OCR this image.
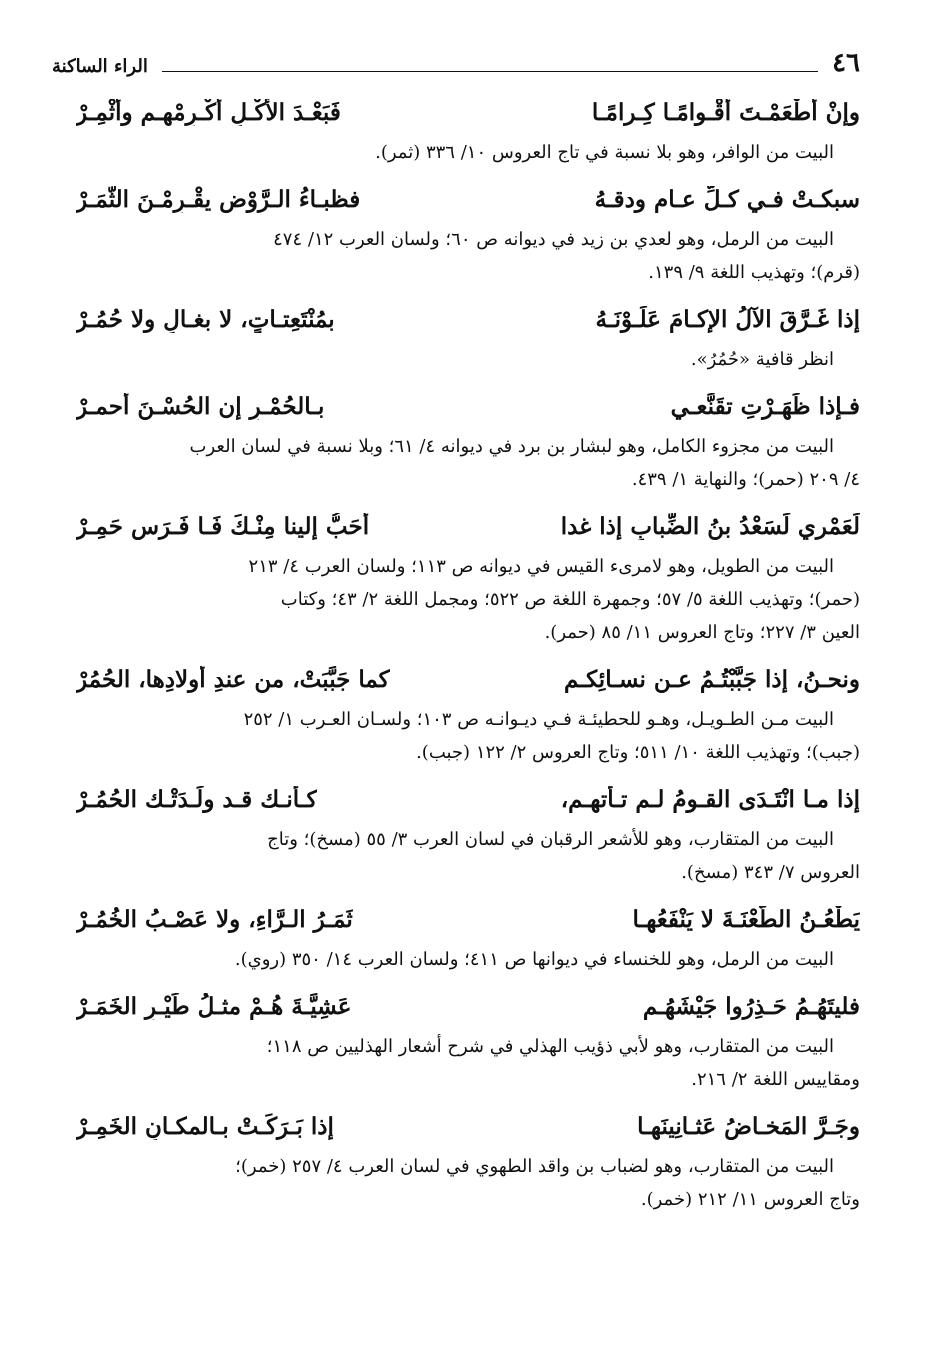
٤٦
الراء الساكنة
وإنْ أَطْعَمْـتَ أقْـوامًـا كِـرامًـا
فَبَعْـدَ الأَكْـلِ أَكْـرِمْهـم وأَثْمِـرْ
البيت من الوافر، وهو بلا نسبة في تاج العروس ١٠/ ٣٣٦ (ثمر).
سبكـتْ فـي كـلِّ عـامٍ ودقـهُ
فظبـاءُ الـرَّوْضِ يقْـرِمْـنَ الثَّمَـرْ
البيت من الرمل، وهو لعدي بن زيد في ديوانه ص ٦٠؛ ولسان العرب ١٢/ ٤٧٤
(قرم)؛ وتهذيب اللغة ٩/ ١٣٩.
إذا غَـرَّقَ الآلُ الإكـامَ عَلَـوْنَـهُ
بمُنْتَعِتـاتٍ، لا بغـالٍ ولا حُمُـرْ
انظر قافية «حُمُرُ».
فـإذا ظَهَـرْتِ تقَنَّعـي
بـالحُمْـرِ إن الحُسْـنَ أحمـرْ
البيت من مجزوء الكامل، وهو لبشار بن برد في ديوانه ٤/ ٦١؛ وبلا نسبة في لسان العرب
٤/ ٢٠٩ (حمر)؛ والنهاية ١/ ٤٣٩.
لَعَمْري لَسَعْدُ بنُ الضِّبابِ إذا غدا
أَحَبُّ إلينا مِنْـكَ فَـا فَـرَسٍ حَمِـرْ
البيت من الطويل، وهو لامرىء القيس في ديوانه ص ١١٣؛ ولسان العرب ٤/ ٢١٣
(حمر)؛ وتهذيب اللغة ٥/ ٥٧؛ وجمهرة اللغة ص ٥٢٢؛ ومجمل اللغة ٢/ ٤٣؛ وكتاب
العين ٣/ ٢٢٧؛ وتاج العروس ١١/ ٨٥ (حمر).
ونحـنُ، إذا جَبَّبْتُـمُ عـن نسـائِكـم
كما جَبَّبَتْ، من عندِ أولادِها، الحُمُرْ
البيت مـن الطـويـل، وهـو للحطيئـة فـي ديـوانـه ص ١٠٣؛ ولسـان العـرب ١/ ٢٥٢
(جبب)؛ وتهذيب اللغة ١٠/ ٥١١؛ وتاج العروس ٢/ ١٢٢ (جبب).
إذا مـا انْتَـدَى القـومُ لـم تـأتهـم،
كـأنـك قـد ولَـدَتْـك الحُمُـرْ
البيت من المتقارب، وهو للأشعر الرقبان في لسان العرب ٣/ ٥٥ (مسخ)؛ وتاج
العروس ٧/ ٣٤٣ (مسخ).
يَطْعُـنُ الطَّعْنَـةَ لا يَنْفَعُهـا
ثَمَـرُ الـرَّاءِ، ولا عَصْـبُ الخُمُـرْ
البيت من الرمل، وهو للخنساء في ديوانها ص ٤١١؛ ولسان العرب ١٤/ ٣٥٠ (روي).
فليتَهُـمُ حَـذِرُوا جَيْشَهُـم
عَشِيَّـةَ هُـمْ مثـلُ طَيْـرِ الخَمَـرْ
البيت من المتقارب، وهو لأبي ذؤيب الهذلي في شرح أشعار الهذليين ص ١١٨؛
ومقاييس اللغة ٢/ ٢١٦.
وجَـرَّ المَخـاضُ عَثـانِينَهـا
إذا بَـرَكَـتْ بـالمكـانِ الخَمِـرْ
البيت من المتقارب، وهو لضباب بن واقد الطهوي في لسان العرب ٤/ ٢٥٧ (خمر)؛
وتاج العروس ١١/ ٢١٢ (خمر).
